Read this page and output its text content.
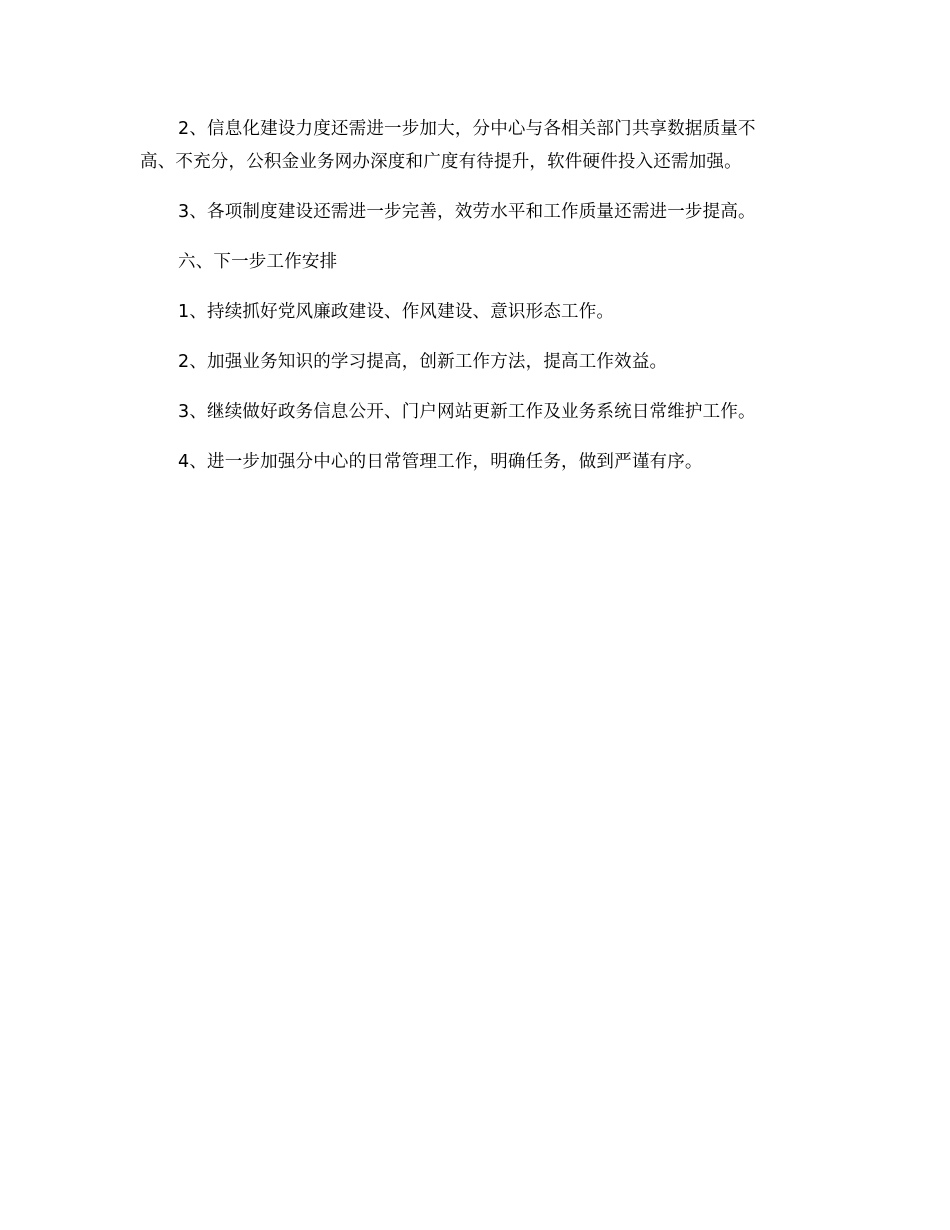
2、信息化建设力度还需进一步加大，分中心与各相关部门共享数据质量不高、不充分，公积金业务网办深度和广度有待提升，软件硬件投入还需加强。

3、各项制度建设还需进一步完善，效劳水平和工作质量还需进一步提高。

六、下一步工作安排

1、持续抓好党风廉政建设、作风建设、意识形态工作。

2、加强业务知识的学习提高，创新工作方法，提高工作效益。

3、继续做好政务信息公开、门户网站更新工作及业务系统日常维护工作。

4、进一步加强分中心的日常管理工作，明确任务，做到严谨有序。
